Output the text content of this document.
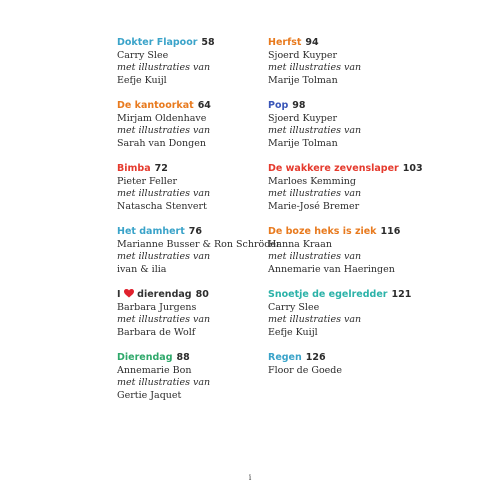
Dokter Flapoor 58
Carry Slee
met illustraties van
Eefje Kuijl
De kantoorkat 64
Mirjam Oldenhave
met illustraties van
Sarah van Dongen
Bimba 72
Pieter Feller
met illustraties van
Natascha Stenvert
Het damhert 76
Marianne Busser & Ron Schröder
met illustraties van
ivan & ilia
I dierendag 80
Barbara Jurgens
met illustraties van
Barbara de Wolf
Dierendag 88
Annemarie Bon
met illustraties van
Gertie Jaquet
Herfst 94
Sjoerd Kuyper
met illustraties van
Marije Tolman
Pop 98
Sjoerd Kuyper
met illustraties van
Marije Tolman
De wakkere zevenslaper 103
Marloes Kemming
met illustraties van
Marie-José Bremer
De boze heks is ziek 116
Hanna Kraan
met illustraties van
Annemarie van Haeringen
Snoetje de egelredder 121
Carry Slee
met illustraties van
Eefje Kuijl
Regen 126
Floor de Goede
i
